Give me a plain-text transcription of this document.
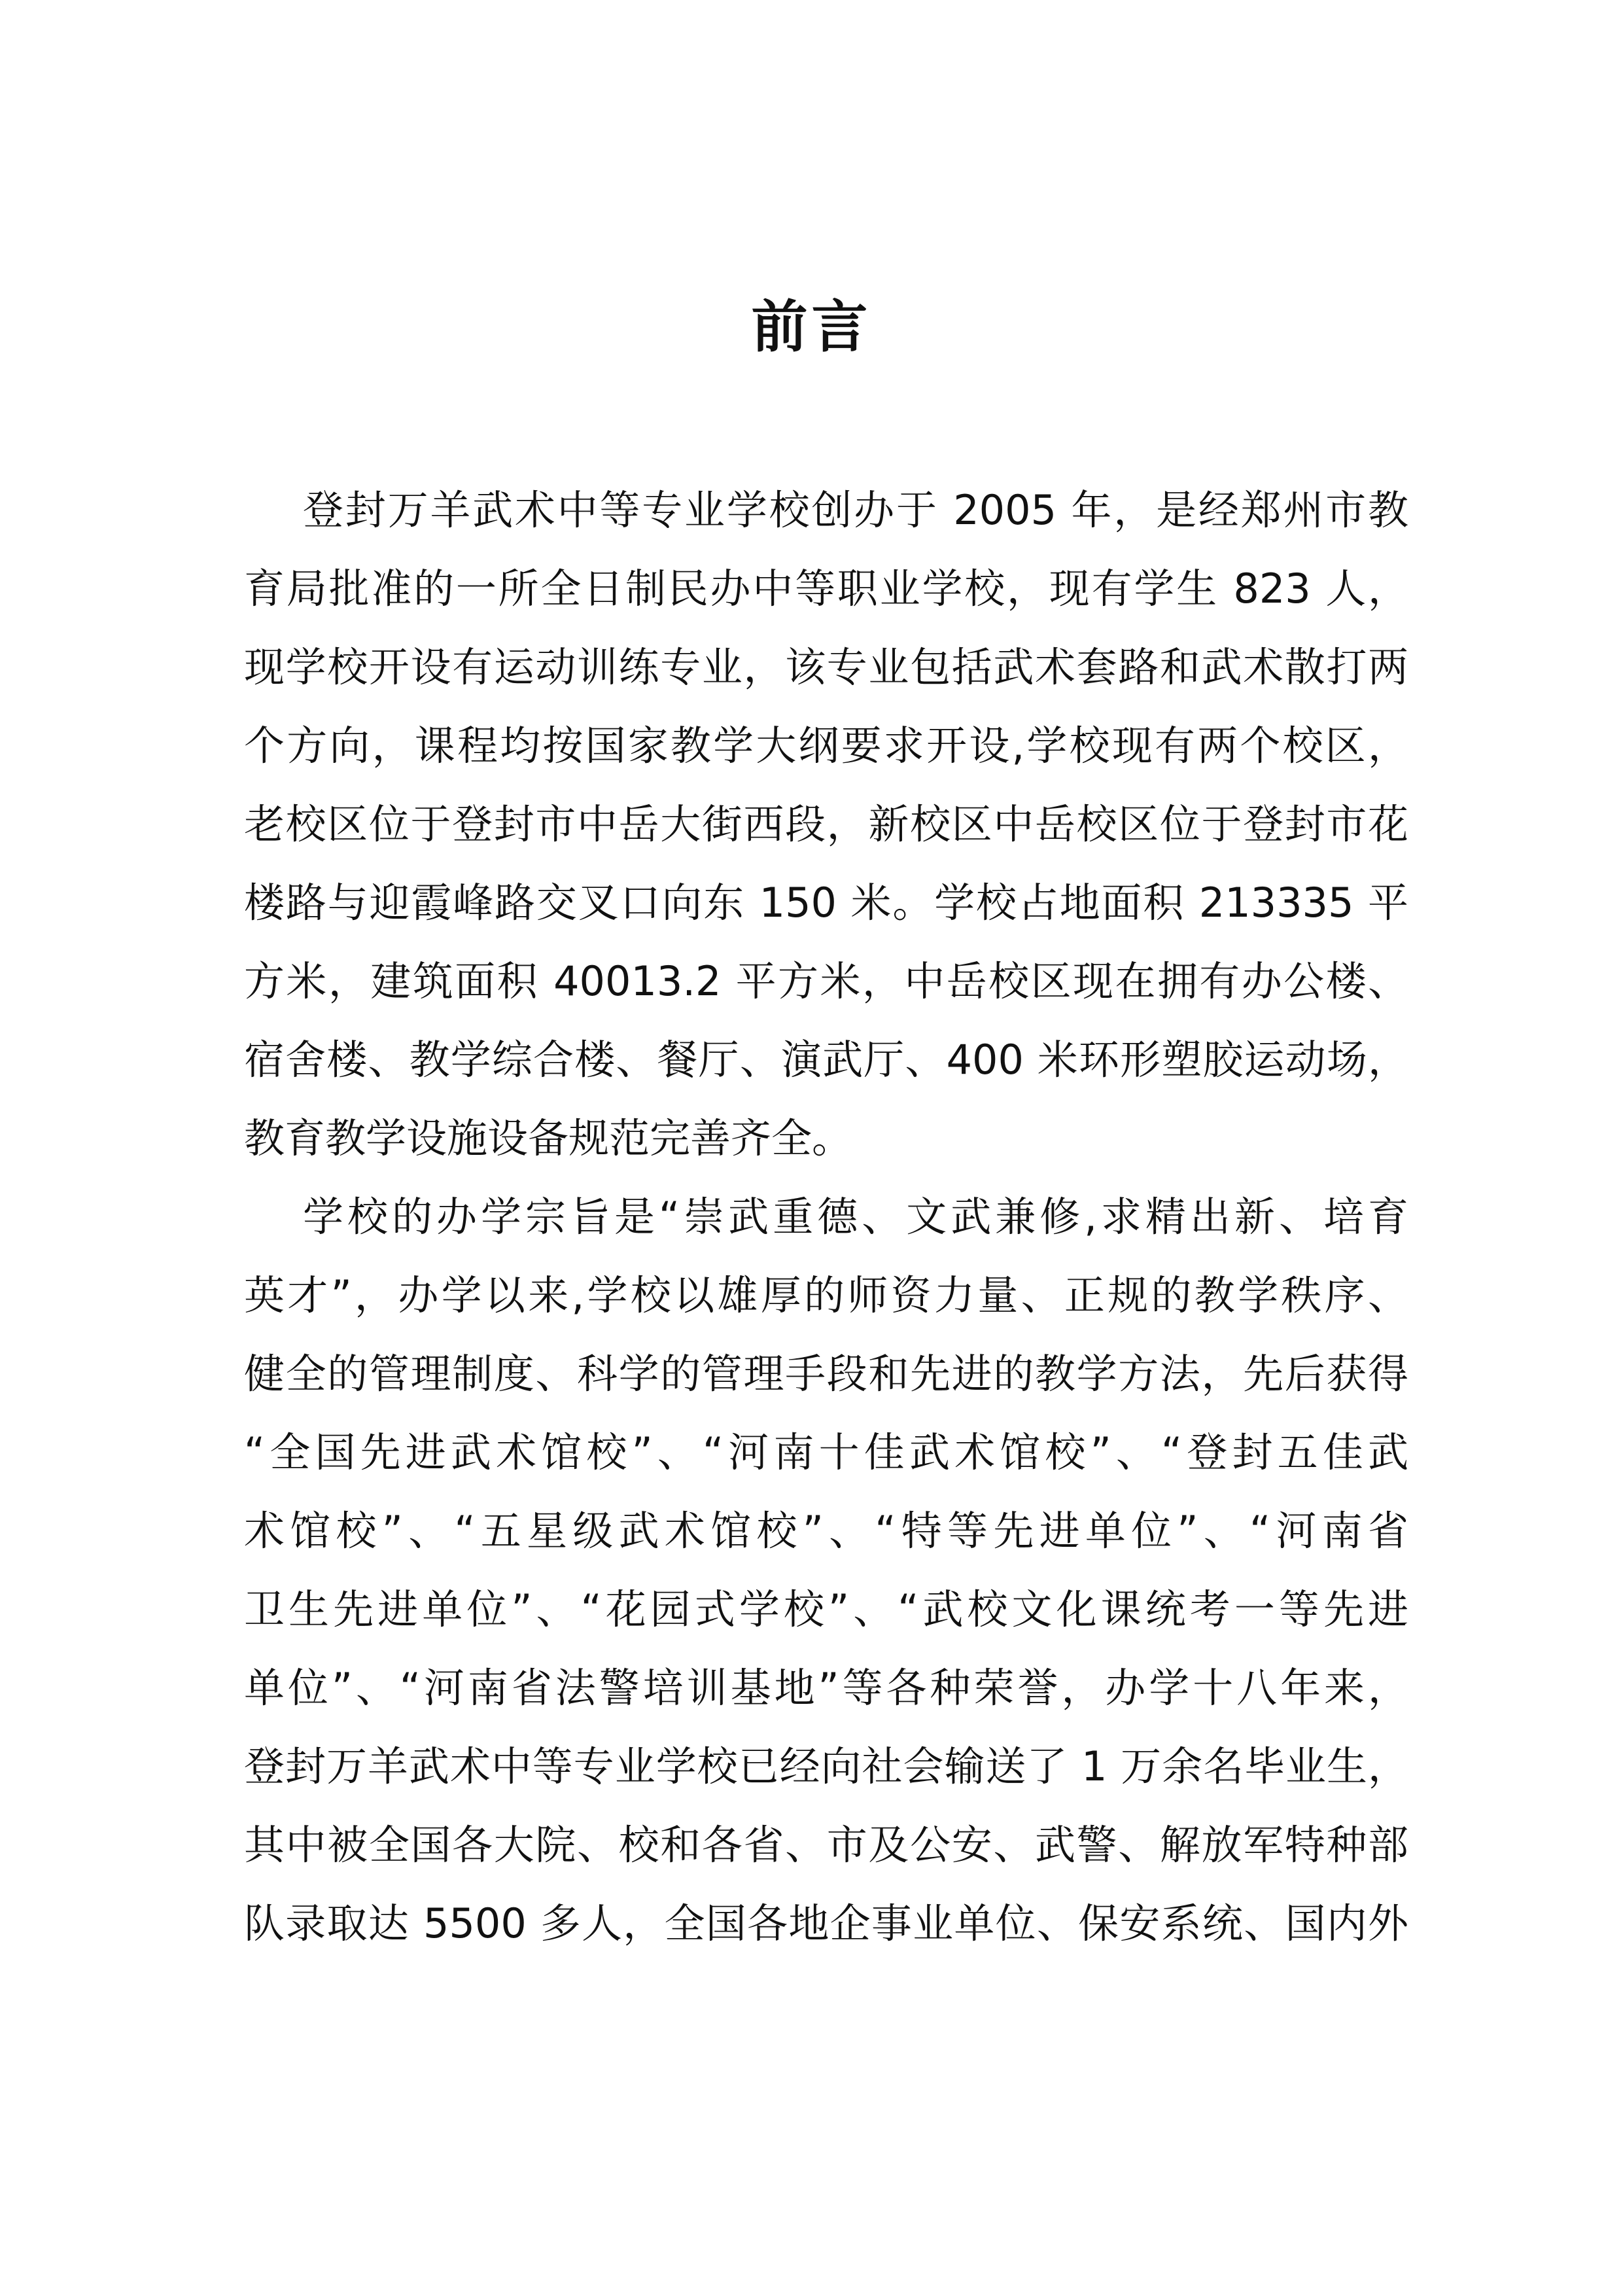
前言

登封万羊武术中等专业学校创办于 2005 年，是经郑州市教

育局批准的一所全日制民办中等职业学校，现有学生 823 人，

现学校开设有运动训练专业，该专业包括武术套路和武术散打两

个方向，课程均按国家教学大纲要求开设,学校现有两个校区，

老校区位于登封市中岳大街西段，新校区中岳校区位于登封市花

楼路与迎霞峰路交叉口向东 150 米。学校占地面积 213335 平

方米，建筑面积 40013.2 平方米，中岳校区现在拥有办公楼、

宿舍楼、教学综合楼、餐厅、演武厅、400 米环形塑胶运动场，

教育教学设施设备规范完善齐全。

学校的办学宗旨是“崇武重德、文武兼修,求精出新、培育

英才”，办学以来,学校以雄厚的师资力量、正规的教学秩序、

健全的管理制度、科学的管理手段和先进的教学方法，先后获得

“全国先进武术馆校”、“河南十佳武术馆校”、“登封五佳武

术馆校”、“五星级武术馆校”、“特等先进单位”、“河南省

卫生先进单位”、“花园式学校”、“武校文化课统考一等先进

单位”、“河南省法警培训基地”等各种荣誉，办学十八年来，

登封万羊武术中等专业学校已经向社会输送了 1 万余名毕业生，

其中被全国各大院、校和各省、市及公安、武警、解放军特种部

队录取达 5500 多人，全国各地企事业单位、保安系统、国内外
